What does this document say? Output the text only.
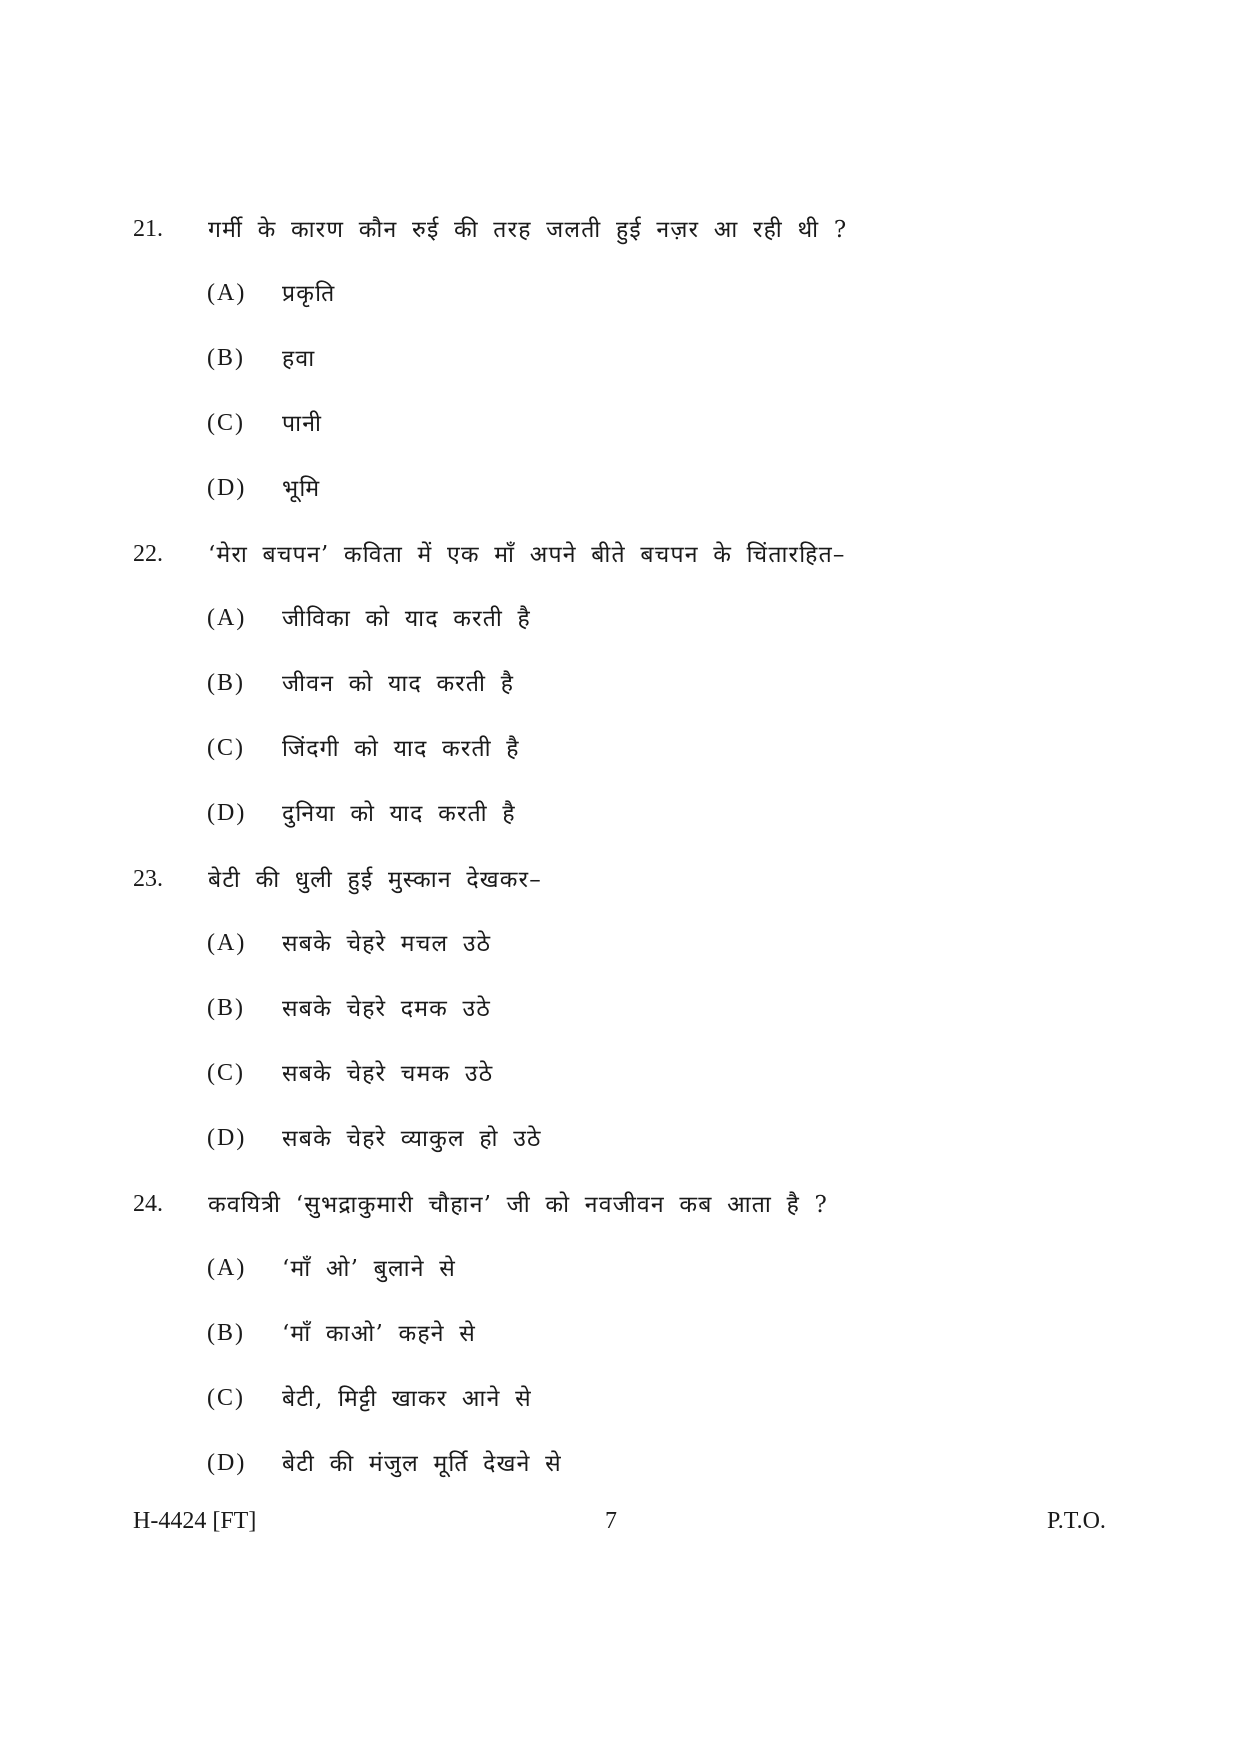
21. गर्मी के कारण कौन रुई की तरह जलती हुई नज़र आ रही थी ?
(A) प्रकृति
(B) हवा
(C) पानी
(D) भूमि
22. ‘मेरा बचपन’ कविता में एक माँ अपने बीते बचपन के चिंतारहित–
(A) जीविका को याद करती है
(B) जीवन को याद करती है
(C) जिंदगी को याद करती है
(D) दुनिया को याद करती है
23. बेटी की धुली हुई मुस्कान देखकर–
(A) सबके चेहरे मचल उठे
(B) सबके चेहरे दमक उठे
(C) सबके चेहरे चमक उठे
(D) सबके चेहरे व्याकुल हो उठे
24. कवयित्री ‘सुभद्राकुमारी चौहान’ जी को नवजीवन कब आता है ?
(A) ‘माँ ओ’ बुलाने से
(B) ‘माँ काओ’ कहने से
(C) बेटी, मिट्टी खाकर आने से
(D) बेटी की मंजुल मूर्ति देखने से
H-4424 [FT]	7	P.T.O.
